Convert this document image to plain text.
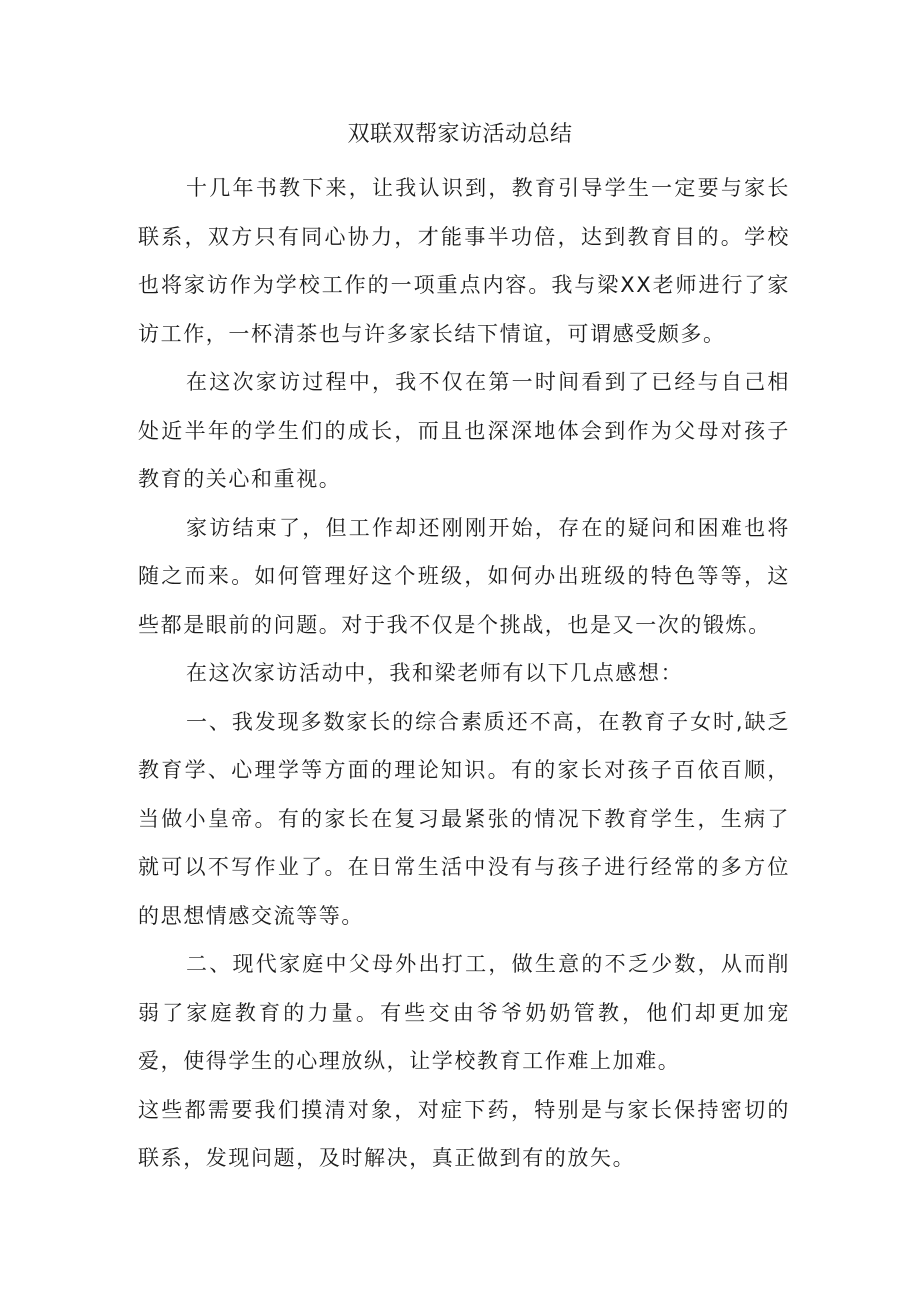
双联双帮家访活动总结

十几年书教下来，让我认识到，教育引导学生一定要与家长联系，双方只有同心协力，才能事半功倍，达到教育目的。学校也将家访作为学校工作的一项重点内容。我与梁XX老师进行了家访工作，一杯清茶也与许多家长结下情谊，可谓感受颇多。

在这次家访过程中，我不仅在第一时间看到了已经与自己相处近半年的学生们的成长，而且也深深地体会到作为父母对孩子教育的关心和重视。

家访结束了，但工作却还刚刚开始，存在的疑问和困难也将随之而来。如何管理好这个班级，如何办出班级的特色等等，这些都是眼前的问题。对于我不仅是个挑战，也是又一次的锻炼。

在这次家访活动中，我和梁老师有以下几点感想：

一、我发现多数家长的综合素质还不高，在教育子女时,缺乏教育学、心理学等方面的理论知识。有的家长对孩子百依百顺，当做小皇帝。有的家长在复习最紧张的情况下教育学生，生病了就可以不写作业了。在日常生活中没有与孩子进行经常的多方位的思想情感交流等等。

二、现代家庭中父母外出打工，做生意的不乏少数，从而削弱了家庭教育的力量。有些交由爷爷奶奶管教，他们却更加宠爱，使得学生的心理放纵，让学校教育工作难上加难。

这些都需要我们摸清对象，对症下药，特别是与家长保持密切的联系，发现问题，及时解决，真正做到有的放矢。
